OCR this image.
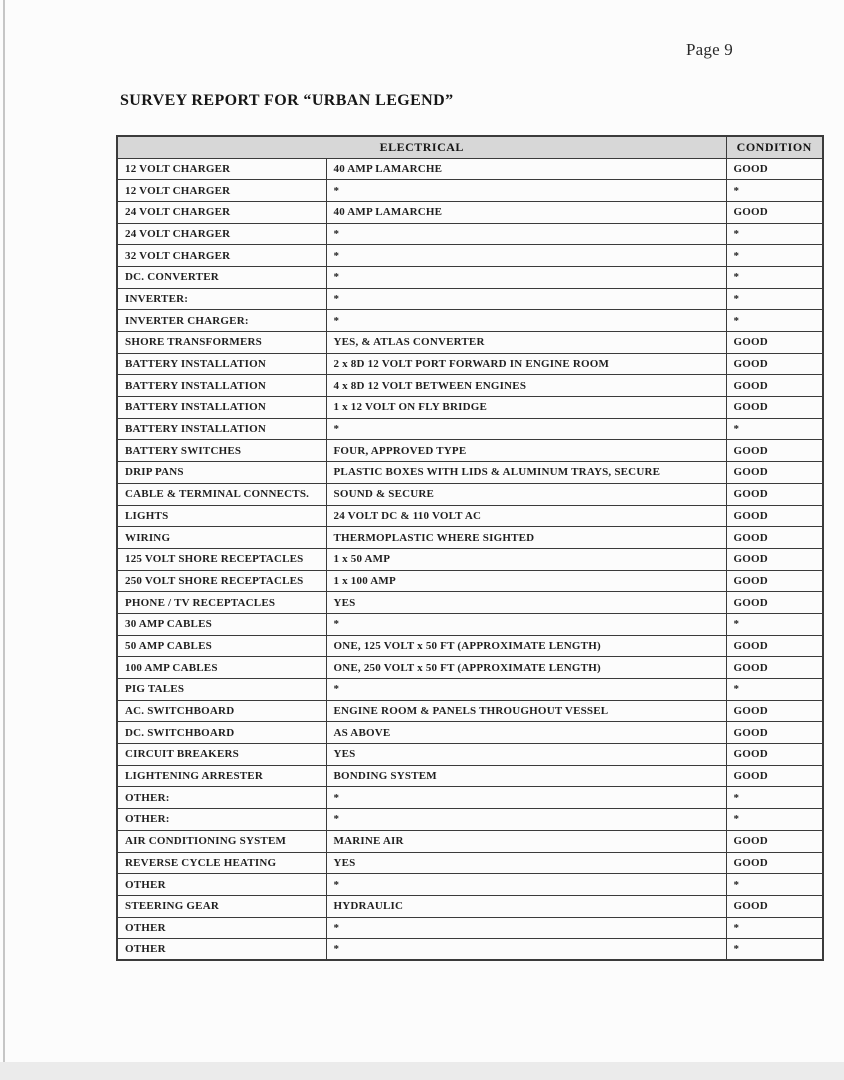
Page 9
SURVEY REPORT FOR “URBAN LEGEND”
ELECTRICAL		CONDITION
12 VOLT CHARGER	40 AMP LAMARCHE	GOOD
12 VOLT CHARGER	*	*
24 VOLT CHARGER	40 AMP LAMARCHE	GOOD
24 VOLT CHARGER	*	*
32 VOLT CHARGER	*	*
DC. CONVERTER	*	*
INVERTER:	*	*
INVERTER CHARGER:	*	*
SHORE TRANSFORMERS	YES, & ATLAS CONVERTER	GOOD
BATTERY INSTALLATION	2 x 8D 12 VOLT PORT FORWARD IN ENGINE ROOM	GOOD
BATTERY INSTALLATION	4 x 8D 12 VOLT BETWEEN ENGINES	GOOD
BATTERY INSTALLATION	1 x 12 VOLT ON FLY BRIDGE	GOOD
BATTERY INSTALLATION	*	*
BATTERY SWITCHES	FOUR, APPROVED TYPE	GOOD
DRIP PANS	PLASTIC BOXES WITH LIDS & ALUMINUM TRAYS, SECURE	GOOD
CABLE & TERMINAL CONNECTS.	SOUND & SECURE	GOOD
LIGHTS	24 VOLT DC & 110 VOLT AC	GOOD
WIRING	THERMOPLASTIC WHERE SIGHTED	GOOD
125 VOLT SHORE RECEPTACLES	1 x 50 AMP	GOOD
250 VOLT SHORE RECEPTACLES	1 x 100 AMP	GOOD
PHONE / TV RECEPTACLES	YES	GOOD
30 AMP CABLES	*	*
50 AMP CABLES	ONE, 125 VOLT x 50 FT (APPROXIMATE LENGTH)	GOOD
100 AMP CABLES	ONE, 250 VOLT x 50 FT (APPROXIMATE LENGTH)	GOOD
PIG TALES	*	*
AC. SWITCHBOARD	ENGINE ROOM & PANELS THROUGHOUT VESSEL	GOOD
DC. SWITCHBOARD	AS ABOVE	GOOD
CIRCUIT BREAKERS	YES	GOOD
LIGHTENING ARRESTER	BONDING SYSTEM	GOOD
OTHER:	*	*
OTHER:	*	*
AIR CONDITIONING SYSTEM	MARINE AIR	GOOD
REVERSE CYCLE HEATING	YES	GOOD
OTHER	*	*
STEERING GEAR	HYDRAULIC	GOOD
OTHER	*	*
OTHER	*	*
